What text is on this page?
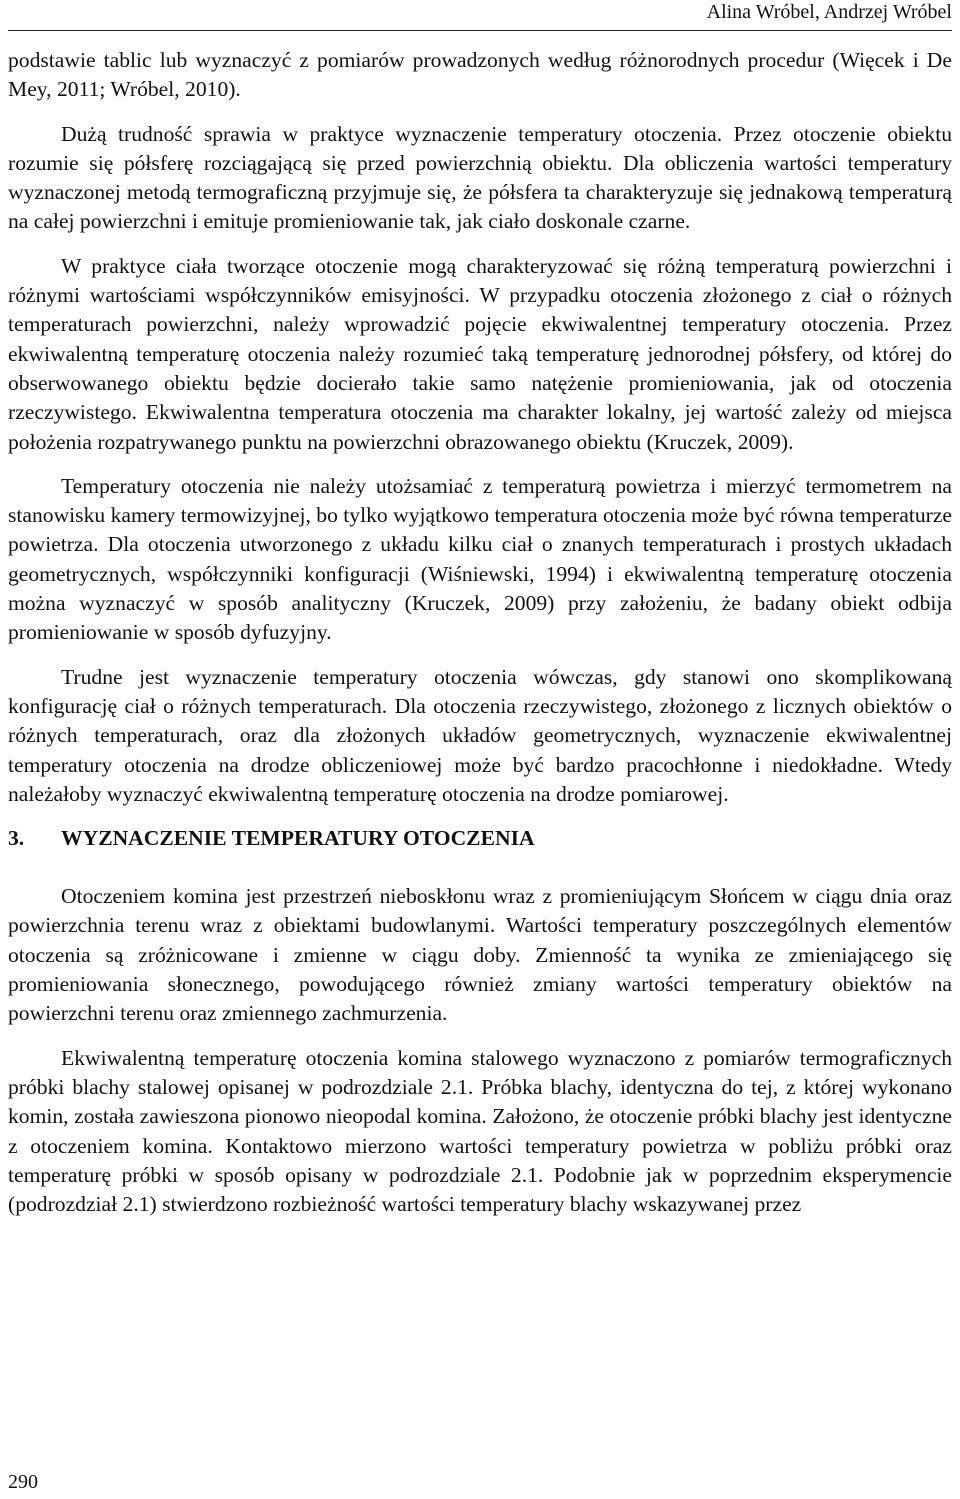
Alina Wróbel, Andrzej Wróbel

podstawie tablic lub wyznaczyć z pomiarów prowadzonych według różnorodnych procedur (Więcek i De Mey, 2011; Wróbel, 2010).

Dużą trudność sprawia w praktyce wyznaczenie temperatury otoczenia. Przez otoczenie obiektu rozumie się półsferę rozciągającą się przed powierzchnią obiektu. Dla obliczenia wartości temperatury wyznaczonej metodą termograficzną przyjmuje się, że półsfera ta charakteryzuje się jednakową temperaturą na całej powierzchni i emituje promieniowanie tak, jak ciało doskonale czarne.

W praktyce ciała tworzące otoczenie mogą charakteryzować się różną temperaturą powierzchni i różnymi wartościami współczynników emisyjności. W przypadku otoczenia złożonego z ciał o różnych temperaturach powierzchni, należy wprowadzić pojęcie ekwiwalentnej temperatury otoczenia. Przez ekwiwalentną temperaturę otoczenia należy rozumieć taką temperaturę jednorodnej półsfery, od której do obserwowanego obiektu będzie docierało takie samo natężenie promieniowania, jak od otoczenia rzeczywistego. Ekwiwalentna temperatura otoczenia ma charakter lokalny, jej wartość zależy od miejsca położenia rozpatrywanego punktu na powierzchni obrazowanego obiektu (Kruczek, 2009).

Temperatury otoczenia nie należy utożsamiać z temperaturą powietrza i mierzyć termometrem na stanowisku kamery termowizyjnej, bo tylko wyjątkowo temperatura otoczenia może być równa temperaturze powietrza. Dla otoczenia utworzonego z układu kilku ciał o znanych temperaturach i prostych układach geometrycznych, współczynniki konfiguracji (Wiśniewski, 1994) i ekwiwalentną temperaturę otoczenia można wyznaczyć w sposób analityczny (Kruczek, 2009) przy założeniu, że badany obiekt odbija promieniowanie w sposób dyfuzyjny.

Trudne jest wyznaczenie temperatury otoczenia wówczas, gdy stanowi ono skomplikowaną konfigurację ciał o różnych temperaturach. Dla otoczenia rzeczywistego, złożonego z licznych obiektów o różnych temperaturach, oraz dla złożonych układów geometrycznych, wyznaczenie ekwiwalentnej temperatury otoczenia na drodze obliczeniowej może być bardzo pracochłonne i niedokładne. Wtedy należałoby wyznaczyć ekwiwalentną temperaturę otoczenia na drodze pomiarowej.

3. WYZNACZENIE TEMPERATURY OTOCZENIA

Otoczeniem komina jest przestrzeń nieboskłonu wraz z promieniującym Słońcem w ciągu dnia oraz powierzchnia terenu wraz z obiektami budowlanymi. Wartości temperatury poszczególnych elementów otoczenia są zróżnicowane i zmienne w ciągu doby. Zmienność ta wynika ze zmieniającego się promieniowania słonecznego, powodującego również zmiany wartości temperatury obiektów na powierzchni terenu oraz zmiennego zachmurzenia.

Ekwiwalentną temperaturę otoczenia komina stalowego wyznaczono z pomiarów termograficznych próbki blachy stalowej opisanej w podrozdziale 2.1. Próbka blachy, identyczna do tej, z której wykonano komin, została zawieszona pionowo nieopodal komina. Założono, że otoczenie próbki blachy jest identyczne z otoczeniem komina. Kontaktowo mierzono wartości temperatury powietrza w pobliżu próbki oraz temperaturę próbki w sposób opisany w podrozdziale 2.1. Podobnie jak w poprzednim eksperymencie (podrozdział 2.1) stwierdzono rozbieżność wartości temperatury blachy wskazywanej przez

290
